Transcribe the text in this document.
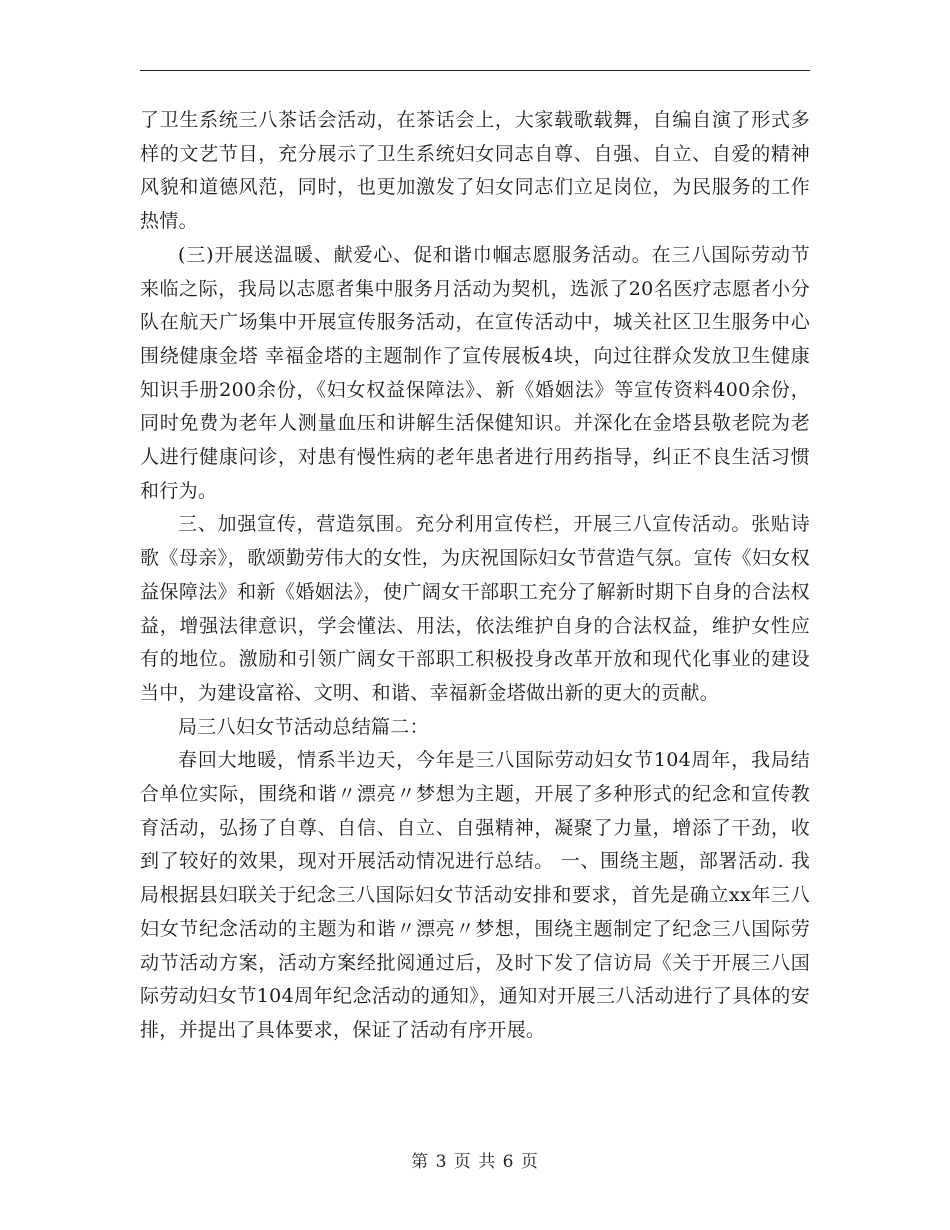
了卫生系统三八茶话会活动，在茶话会上，大家载歌载舞，自编自演了形式多样的文艺节目，充分展示了卫生系统妇女同志自尊、自强、自立、自爱的精神风貌和道德风范，同时，也更加激发了妇女同志们立足岗位，为民服务的工作热情。

(三)开展送温暖、献爱心、促和谐巾帼志愿服务活动。在三八国际劳动节来临之际，我局以志愿者集中服务月活动为契机，选派了20名医疗志愿者小分队在航天广场集中开展宣传服务活动，在宣传活动中，城关社区卫生服务中心围绕健康金塔 幸福金塔的主题制作了宣传展板4块，向过往群众发放卫生健康知识手册200余份，《妇女权益保障法》、新《婚姻法》等宣传资料400余份，同时免费为老年人测量血压和讲解生活保健知识。并深化在金塔县敬老院为老人进行健康问诊，对患有慢性病的老年患者进行用药指导，纠正不良生活习惯和行为。

三、加强宣传，营造氛围。充分利用宣传栏，开展三八宣传活动。张贴诗歌《母亲》，歌颂勤劳伟大的女性，为庆祝国际妇女节营造气氛。宣传《妇女权益保障法》和新《婚姻法》，使广阔女干部职工充分了解新时期下自身的合法权益，增强法律意识，学会懂法、用法，依法维护自身的合法权益，维护女性应有的地位。激励和引领广阔女干部职工积极投身改革开放和现代化事业的建设当中，为建设富裕、文明、和谐、幸福新金塔做出新的更大的贡献。

局三八妇女节活动总结篇二：

春回大地暖，情系半边天，今年是三八国际劳动妇女节104周年，我局结合单位实际，围绕和谐〃漂亮〃梦想为主题，开展了多种形式的纪念和宣传教育活动，弘扬了自尊、自信、自立、自强精神，凝聚了力量，增添了干劲，收到了较好的效果，现对开展活动情况进行总结。 一、围绕主题，部署活动. 我局根据县妇联关于纪念三八国际妇女节活动安排和要求，首先是确立xx年三八妇女节纪念活动的主题为和谐〃漂亮〃梦想，围绕主题制定了纪念三八国际劳动节活动方案，活动方案经批阅通过后，及时下发了信访局《关于开展三八国际劳动妇女节104周年纪念活动的通知》，通知对开展三八活动进行了具体的安排，并提出了具体要求，保证了活动有序开展。

第 3 页 共 6 页
